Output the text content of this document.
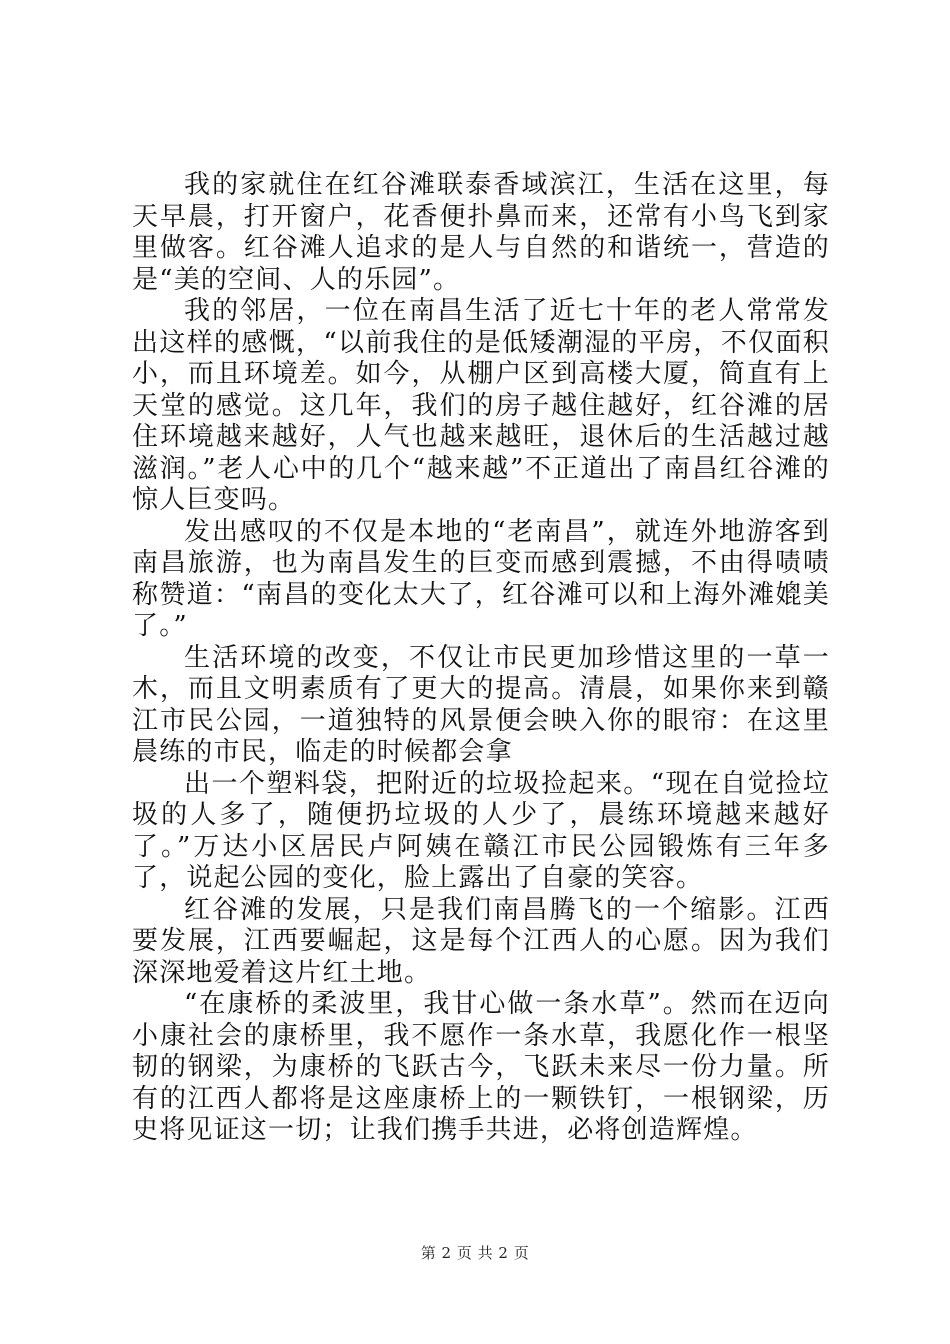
我的家就住在红谷滩联泰香域滨江，生活在这里，每天早晨，打开窗户，花香便扑鼻而来，还常有小鸟飞到家里做客。红谷滩人追求的是人与自然的和谐统一，营造的是“美的空间、人的乐园”。

我的邻居，一位在南昌生活了近七十年的老人常常发出这样的感慨，“以前我住的是低矮潮湿的平房，不仅面积小，而且环境差。如今，从棚户区到高楼大厦，简直有上天堂的感觉。这几年，我们的房子越住越好，红谷滩的居住环境越来越好，人气也越来越旺，退休后的生活越过越滋润。”老人心中的几个“越来越”不正道出了南昌红谷滩的惊人巨变吗。

发出感叹的不仅是本地的“老南昌”，就连外地游客到南昌旅游，也为南昌发生的巨变而感到震撼，不由得啧啧称赞道：“南昌的变化太大了，红谷滩可以和上海外滩媲美了。”

生活环境的改变，不仅让市民更加珍惜这里的一草一木，而且文明素质有了更大的提高。清晨，如果你来到赣江市民公园，一道独特的风景便会映入你的眼帘：在这里晨练的市民，临走的时候都会拿

出一个塑料袋，把附近的垃圾捡起来。“现在自觉捡垃圾的人多了，随便扔垃圾的人少了，晨练环境越来越好了。”万达小区居民卢阿姨在赣江市民公园锻炼有三年多了，说起公园的变化，脸上露出了自豪的笑容。

红谷滩的发展，只是我们南昌腾飞的一个缩影。江西要发展，江西要崛起，这是每个江西人的心愿。因为我们深深地爱着这片红土地。

“在康桥的柔波里，我甘心做一条水草”。然而在迈向小康社会的康桥里，我不愿作一条水草，我愿化作一根坚韧的钢梁，为康桥的飞跃古今，飞跃未来尽一份力量。所有的江西人都将是这座康桥上的一颗铁钉，一根钢梁，历史将见证这一切；让我们携手共进，必将创造辉煌。

第 2 页 共 2 页
